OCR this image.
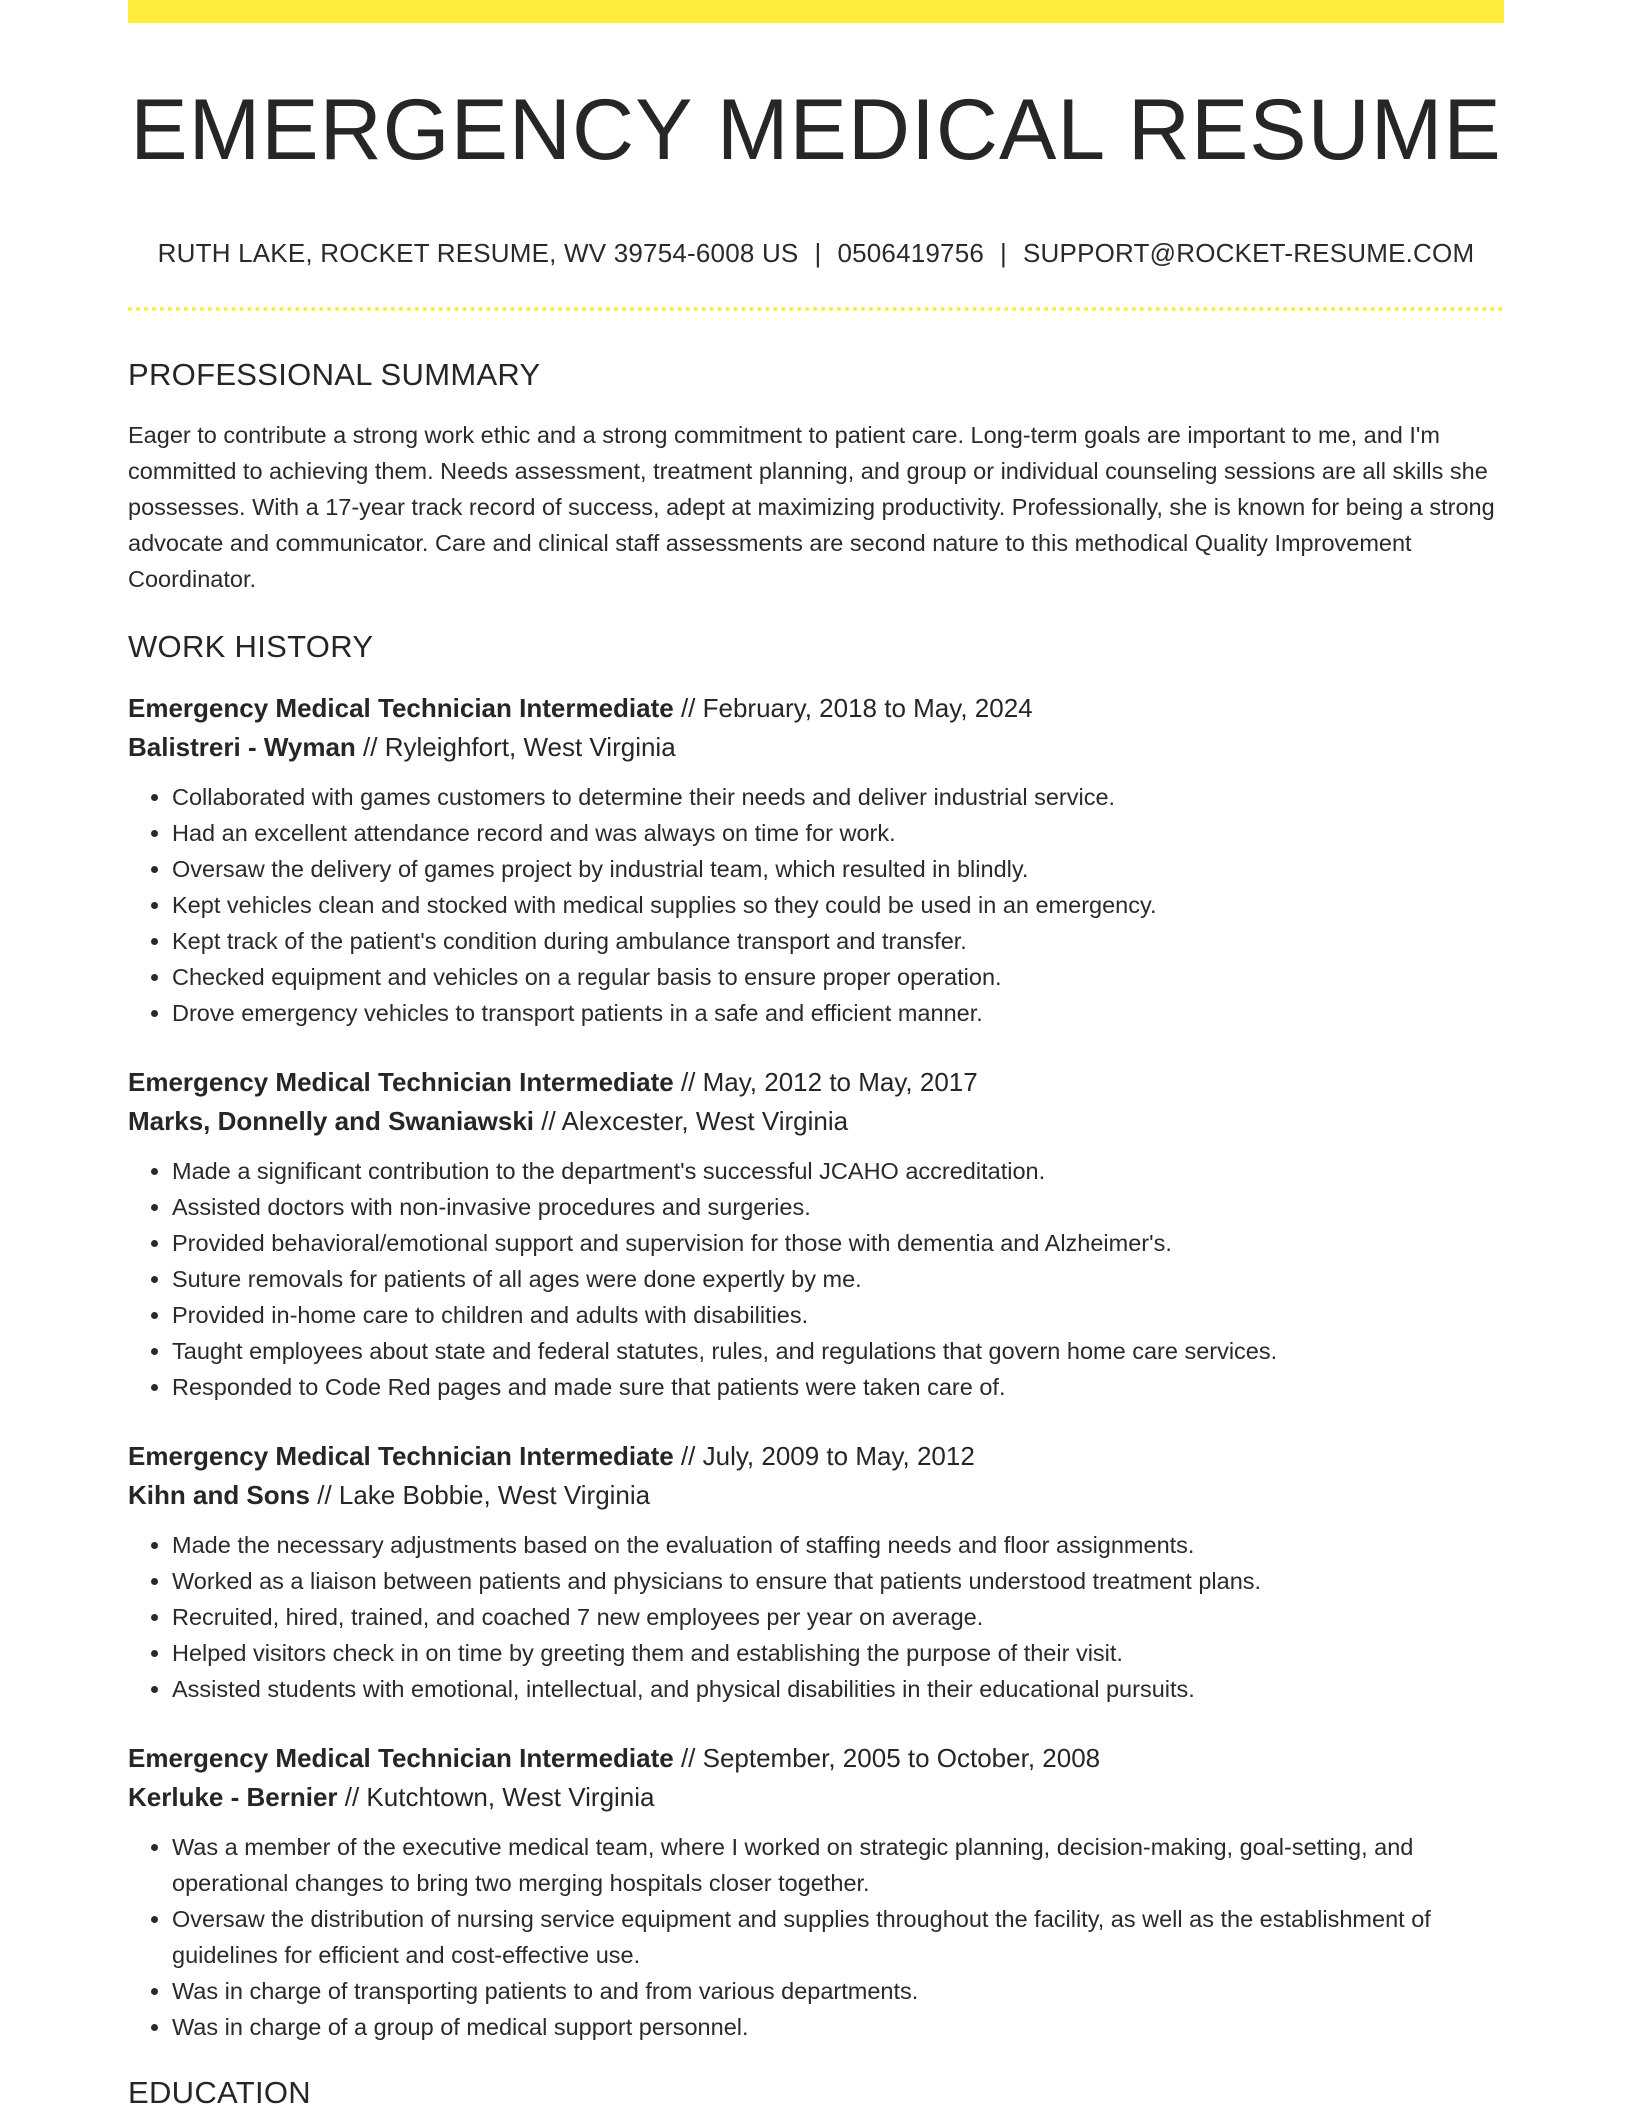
EMERGENCY MEDICAL RESUME
RUTH LAKE, ROCKET RESUME, WV 39754-6008 US | 0506419756 | SUPPORT@ROCKET-RESUME.COM
PROFESSIONAL SUMMARY

Eager to contribute a strong work ethic and a strong commitment to patient care. Long-term goals are important to me, and I'm committed to achieving them. Needs assessment, treatment planning, and group or individual counseling sessions are all skills she possesses. With a 17-year track record of success, adept at maximizing productivity. Professionally, she is known for being a strong advocate and communicator. Care and clinical staff assessments are second nature to this methodical Quality Improvement Coordinator.

WORK HISTORY
Emergency Medical Technician Intermediate // February, 2018 to May, 2024
Balistreri - Wyman // Ryleighfort, West Virginia
• Collaborated with games customers to determine their needs and deliver industrial service.
• Had an excellent attendance record and was always on time for work.
• Oversaw the delivery of games project by industrial team, which resulted in blindly.
• Kept vehicles clean and stocked with medical supplies so they could be used in an emergency.
• Kept track of the patient's condition during ambulance transport and transfer.
• Checked equipment and vehicles on a regular basis to ensure proper operation.
• Drove emergency vehicles to transport patients in a safe and efficient manner.
Emergency Medical Technician Intermediate // May, 2012 to May, 2017
Marks, Donnelly and Swaniawski // Alexcester, West Virginia
• Made a significant contribution to the department's successful JCAHO accreditation.
• Assisted doctors with non-invasive procedures and surgeries.
• Provided behavioral/emotional support and supervision for those with dementia and Alzheimer's.
• Suture removals for patients of all ages were done expertly by me.
• Provided in-home care to children and adults with disabilities.
• Taught employees about state and federal statutes, rules, and regulations that govern home care services.
• Responded to Code Red pages and made sure that patients were taken care of.
Emergency Medical Technician Intermediate // July, 2009 to May, 2012
Kihn and Sons // Lake Bobbie, West Virginia
• Made the necessary adjustments based on the evaluation of staffing needs and floor assignments.
• Worked as a liaison between patients and physicians to ensure that patients understood treatment plans.
• Recruited, hired, trained, and coached 7 new employees per year on average.
• Helped visitors check in on time by greeting them and establishing the purpose of their visit.
• Assisted students with emotional, intellectual, and physical disabilities in their educational pursuits.
Emergency Medical Technician Intermediate // September, 2005 to October, 2008
Kerluke - Bernier // Kutchtown, West Virginia
• Was a member of the executive medical team, where I worked on strategic planning, decision-making, goal-setting, and operational changes to bring two merging hospitals closer together.
• Oversaw the distribution of nursing service equipment and supplies throughout the facility, as well as the establishment of guidelines for efficient and cost-effective use.
• Was in charge of transporting patients to and from various departments.
• Was in charge of a group of medical support personnel.
EDUCATION
